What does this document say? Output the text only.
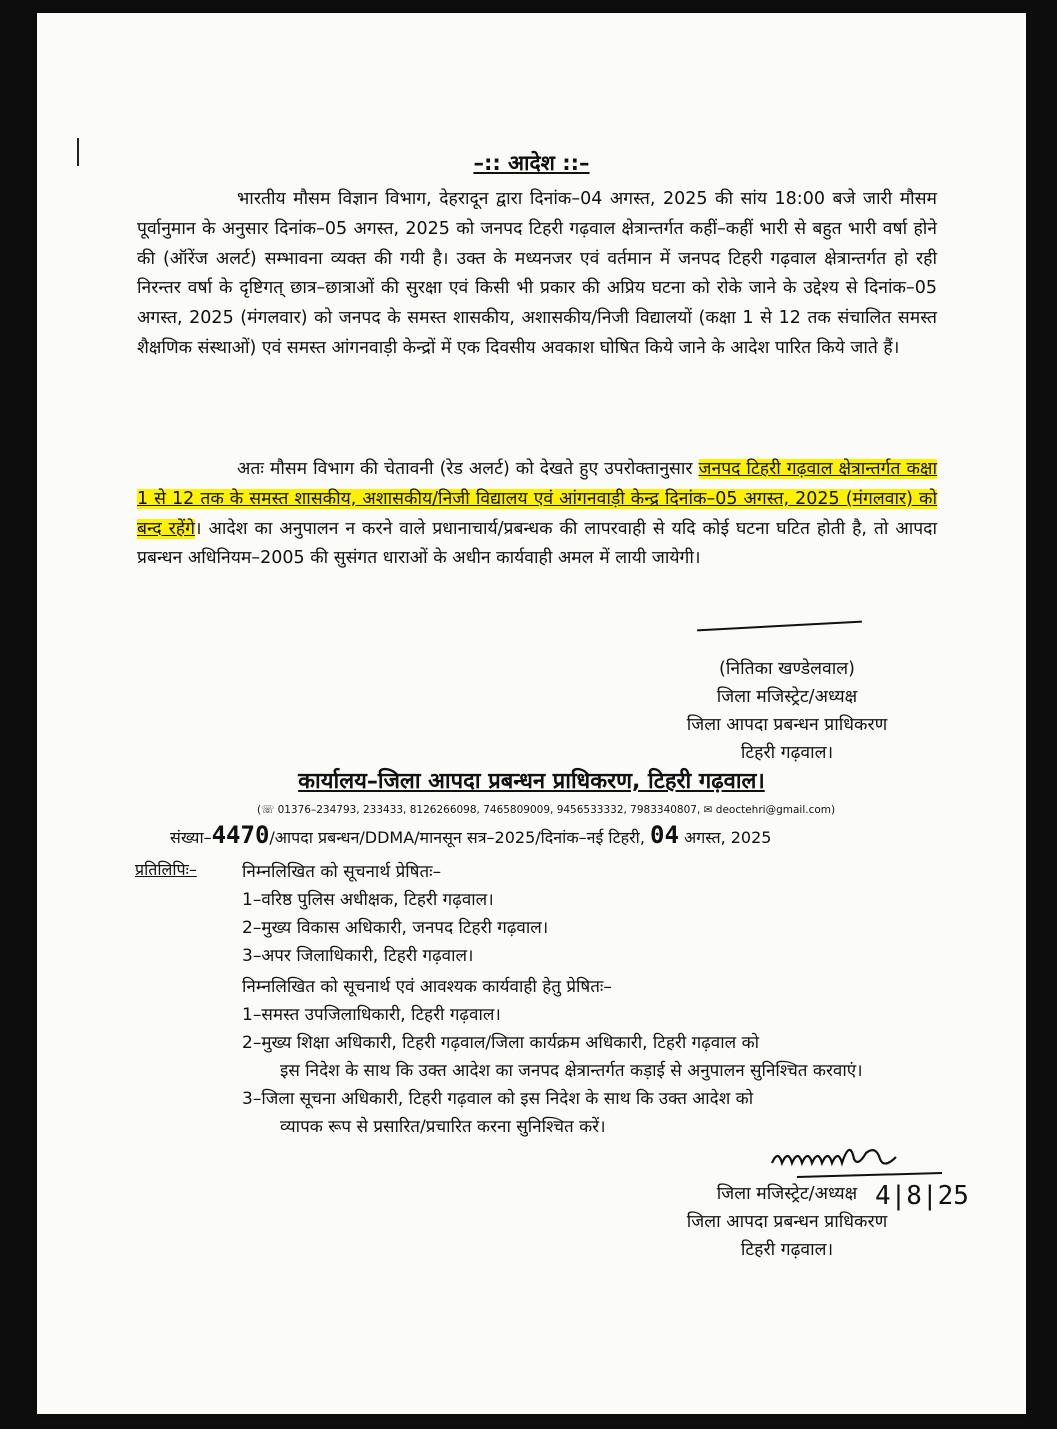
–:: आदेश ::–
भारतीय मौसम विज्ञान विभाग, देहरादून द्वारा दिनांक–04 अगस्त, 2025 की सांय 18:00 बजे जारी मौसम पूर्वानुमान के अनुसार दिनांक–05 अगस्त, 2025 को जनपद टिहरी गढ़वाल क्षेत्रान्तर्गत कहीं–कहीं भारी से बहुत भारी वर्षा होने की (ऑरेंज अलर्ट) सम्भावना व्यक्त की गयी है। उक्त के मध्यनजर एवं वर्तमान में जनपद टिहरी गढ़वाल क्षेत्रान्तर्गत हो रही निरन्तर वर्षा के दृष्टिगत् छात्र–छात्राओं की सुरक्षा एवं किसी भी प्रकार की अप्रिय घटना को रोके जाने के उद्देश्य से दिनांक–05 अगस्त, 2025 (मंगलवार) को जनपद के समस्त शासकीय, अशासकीय/निजी विद्यालयों (कक्षा 1 से 12 तक संचालित समस्त शैक्षणिक संस्थाओं) एवं समस्त आंगनवाड़ी केन्द्रों में एक दिवसीय अवकाश घोषित किये जाने के आदेश पारित किये जाते हैं।
अतः मौसम विभाग की चेतावनी (रेड अलर्ट) को देखते हुए उपरोक्तानुसार जनपद टिहरी गढ़वाल क्षेत्रान्तर्गत कक्षा 1 से 12 तक के समस्त शासकीय, अशासकीय/निजी विद्यालय एवं आंगनवाड़ी केन्द्र दिनांक–05 अगस्त, 2025 (मंगलवार) को बन्द रहेंगे। आदेश का अनुपालन न करने वाले प्रधानाचार्य/प्रबन्धक की लापरवाही से यदि कोई घटना घटित होती है, तो आपदा प्रबन्धन अधिनियम–2005 की सुसंगत धाराओं के अधीन कार्यवाही अमल में लायी जायेगी।
(नितिका खण्डेलवाल)
जिला मजिस्ट्रेट/अध्यक्ष
जिला आपदा प्रबन्धन प्राधिकरण
टिहरी गढ़वाल।
कार्यालय–जिला आपदा प्रबन्धन प्राधिकरण, टिहरी गढ़वाल।
(☏ 01376–234793, 233433, 8126266098, 7465809009, 9456533332, 7983340807, ✉ deoctehri@gmail.com)
संख्या–4470/आपदा प्रबन्धन/DDMA/मानसून सत्र–2025/दिनांक–नई टिहरी, 04 अगस्त, 2025
प्रतिलिपिः–	निम्नलिखित को सूचनार्थ प्रेषितः–
1–वरिष्ठ पुलिस अधीक्षक, टिहरी गढ़वाल।
2–मुख्य विकास अधिकारी, जनपद टिहरी गढ़वाल।
3–अपर जिलाधिकारी, टिहरी गढ़वाल।
निम्नलिखित को सूचनार्थ एवं आवश्यक कार्यवाही हेतु प्रेषितः–
1–समस्त उपजिलाधिकारी, टिहरी गढ़वाल।
2–मुख्य शिक्षा अधिकारी, टिहरी गढ़वाल/जिला कार्यक्रम अधिकारी, टिहरी गढ़वाल को
इस निदेश के साथ कि उक्त आदेश का जनपद क्षेत्रान्तर्गत कड़ाई से अनुपालन सुनिश्चित करवाएं।
3–जिला सूचना अधिकारी, टिहरी गढ़वाल को इस निदेश के साथ कि उक्त आदेश को
व्यापक रूप से प्रसारित/प्रचारित करना सुनिश्चित करें।
जिला मजिस्ट्रेट/अध्यक्ष
जिला आपदा प्रबन्धन प्राधिकरण
टिहरी गढ़वाल।
4|8|25
